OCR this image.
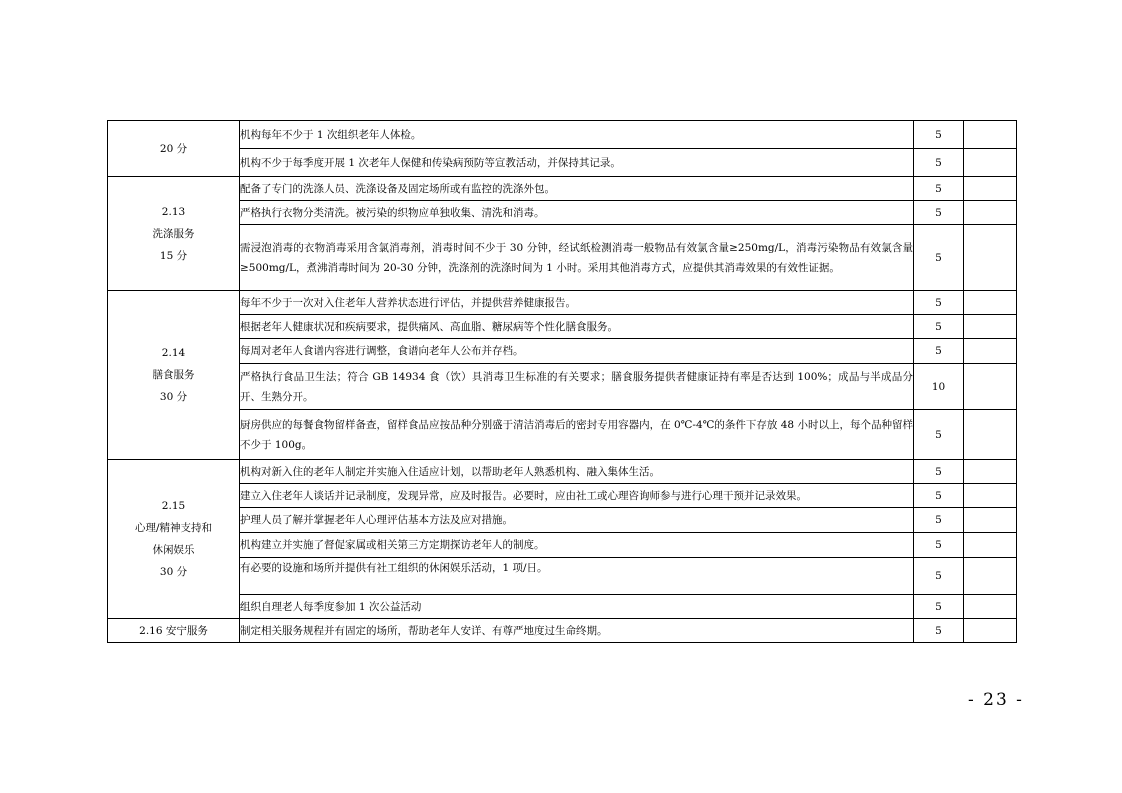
20 分	机构每年不少于 1 次组织老年人体检。	5	
	机构不少于每季度开展 1 次老年人保健和传染病预防等宣教活动，并保持其记录。	5	

2.13
洗涤服务
15 分	配备了专门的洗涤人员、洗涤设备及固定场所或有监控的洗涤外包。	5	
	严格执行衣物分类清洗。被污染的织物应单独收集、清洗和消毒。	5	
	需浸泡消毒的衣物消毒采用含氯消毒剂，消毒时间不少于 30 分钟，经试纸检测消毒一般物品有效氯含量≥250mg/L，消毒污染物品有效氯含量≥500mg/L，煮沸消毒时间为 20-30 分钟，洗涤剂的洗涤时间为 1 小时。采用其他消毒方式，应提供其消毒效果的有效性证据。	5	

2.14
膳食服务
30 分	每年不少于一次对入住老年人营养状态进行评估，并提供营养健康报告。	5	
	根据老年人健康状况和疾病要求，提供痛风、高血脂、糖尿病等个性化膳食服务。	5	
	每周对老年人食谱内容进行调整，食谱向老年人公布并存档。	5	
	严格执行食品卫生法；符合 GB 14934 食（饮）具消毒卫生标准的有关要求；膳食服务提供者健康证持有率是否达到 100%；成品与半成品分开、生熟分开。	10	
	厨房供应的每餐食物留样备查，留样食品应按品种分别盛于清洁消毒后的密封专用容器内，在 0℃-4℃的条件下存放 48 小时以上，每个品种留样不少于 100g。	5	

2.15
心理/精神支持和
休闲娱乐
30 分	机构对新入住的老年人制定并实施入住适应计划，以帮助老年人熟悉机构、融入集体生活。	5	
	建立入住老年人谈话并记录制度，发现异常，应及时报告。必要时，应由社工或心理咨询师参与进行心理干预并记录效果。	5	
	护理人员了解并掌握老年人心理评估基本方法及应对措施。	5	
	机构建立并实施了督促家属或相关第三方定期探访老年人的制度。	5	
	有必要的设施和场所并提供有社工组织的休闲娱乐活动，1 项/日。	5	
	组织自理老人每季度参加 1 次公益活动	5	

2.16 安宁服务	制定相关服务规程并有固定的场所，帮助老年人安详、有尊严地度过生命终期。	5	
- 23 -
